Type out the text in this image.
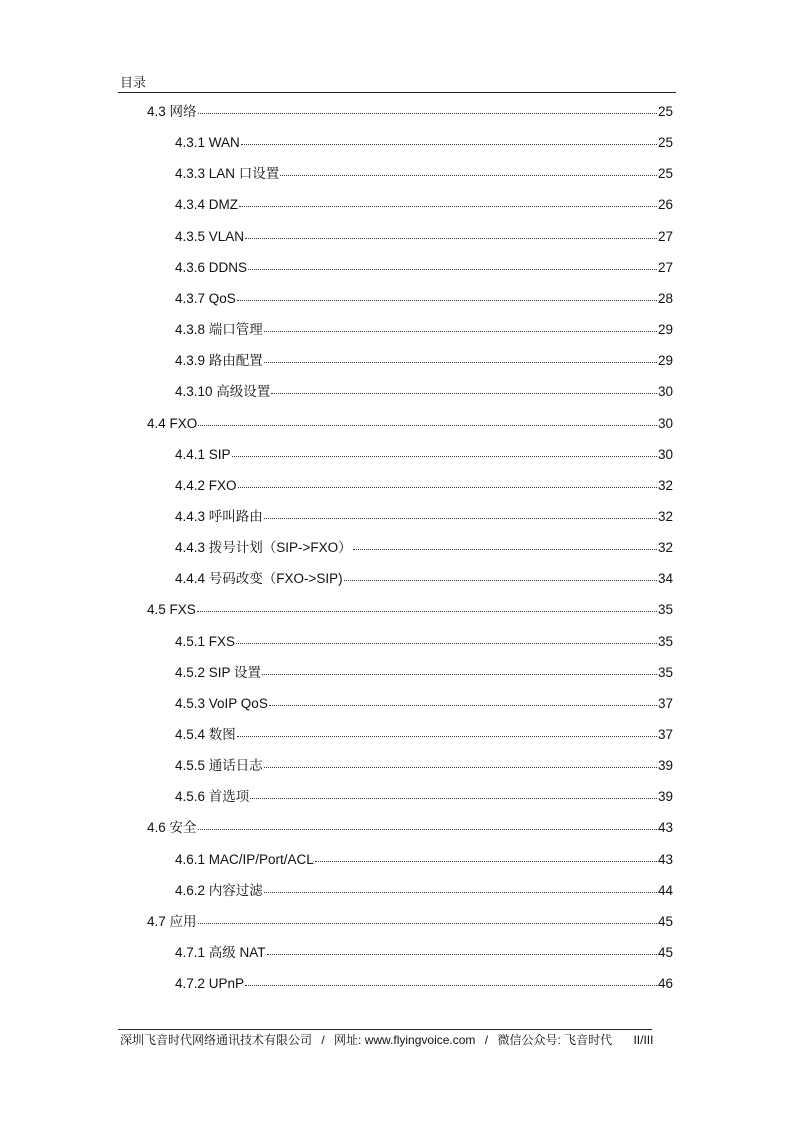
目录
4.3 网络	25
4.3.1 WAN	25
4.3.3 LAN 口设置	25
4.3.4 DMZ	26
4.3.5 VLAN	27
4.3.6 DDNS	27
4.3.7 QoS	28
4.3.8 端口管理	29
4.3.9 路由配置	29
4.3.10 高级设置	30
4.4 FXO	30
4.4.1 SIP	30
4.4.2 FXO	32
4.4.3 呼叫路由	32
4.4.3 拨号计划（SIP->FXO）	32
4.4.4 号码改变（FXO->SIP)	34
4.5 FXS	35
4.5.1 FXS	35
4.5.2 SIP 设置	35
4.5.3 VoIP QoS	37
4.5.4 数图	37
4.5.5 通话日志	39
4.5.6 首选项	39
4.6 安全	43
4.6.1 MAC/IP/Port/ACL	43
4.6.2 内容过滤	44
4.7 应用	45
4.7.1 高级 NAT	45
4.7.2 UPnP	46
深圳飞音时代网络通讯技术有限公司 / 网址: www.flyingvoice.com / 微信公众号: 飞音时代 II/III
